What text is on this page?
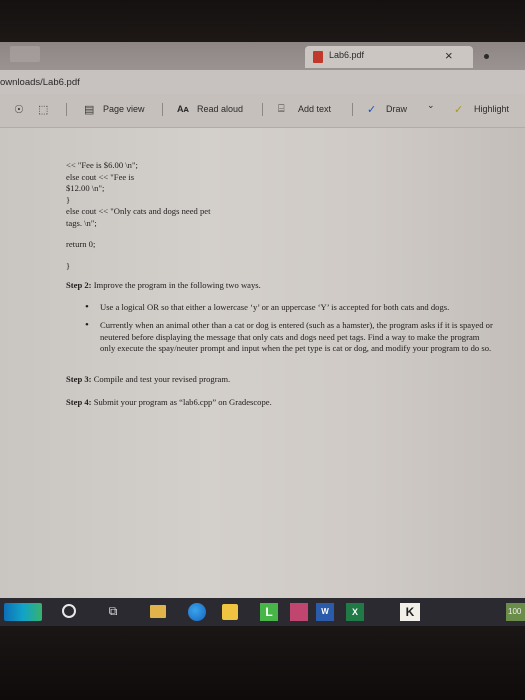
Lab6.pdf	×
ownloads/Lab6.pdf
☉ ⬚	▤ Page view	Aᴀ Read aloud	⌸ Add text	✓ Draw ⌄ ✓ Highlight
<< "Fee is $6.00 \n";
else cout << "Fee is
$12.00 \n";
}
else cout << "Only cats and dogs need pet
tags. \n";
return 0;
}
Step 2: Improve the program in the following two ways.
• Use a logical OR so that either a lowercase ‘y’ or an uppercase ‘Y’ is accepted for both cats and dogs.
• Currently when an animal other than a cat or dog is entered (such as a hamster), the program asks if it is spayed or neutered before displaying the message that only cats and dogs need pet tags. Find a way to make the program only execute the spay/neuter prompt and input when the pet type is cat or dog, and modify your program to do so.
Step 3: Compile and test your revised program.
Step 4: Submit your program as “lab6.cpp” on Gradescope.
⧉	L	W	X	K	100
